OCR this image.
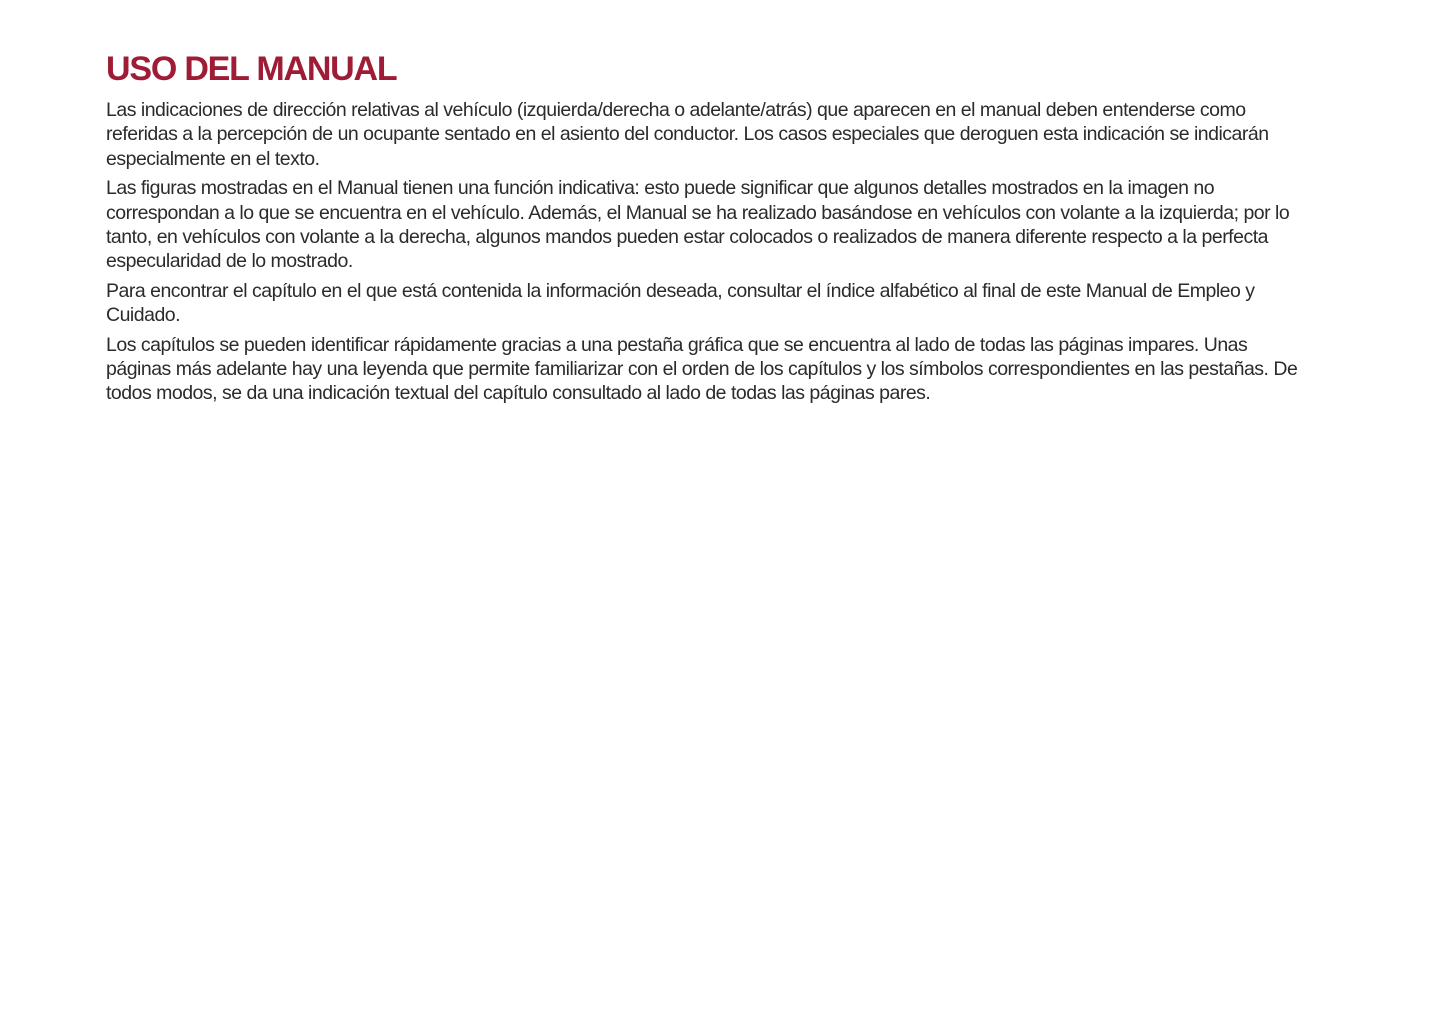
USO DEL MANUAL

Las indicaciones de dirección relativas al vehículo (izquierda/derecha o adelante/atrás) que aparecen en el manual deben entenderse como referidas a la percepción de un ocupante sentado en el asiento del conductor. Los casos especiales que deroguen esta indicación se indicarán especialmente en el texto.

Las figuras mostradas en el Manual tienen una función indicativa: esto puede significar que algunos detalles mostrados en la imagen no correspondan a lo que se encuentra en el vehículo. Además, el Manual se ha realizado basándose en vehículos con volante a la izquierda; por lo tanto, en vehículos con volante a la derecha, algunos mandos pueden estar colocados o realizados de manera diferente respecto a la perfecta especularidad de lo mostrado.

Para encontrar el capítulo en el que está contenida la información deseada, consultar el índice alfabético al final de este Manual de Empleo y Cuidado.

Los capítulos se pueden identificar rápidamente gracias a una pestaña gráfica que se encuentra al lado de todas las páginas impares. Unas páginas más adelante hay una leyenda que permite familiarizar con el orden de los capítulos y los símbolos correspondientes en las pestañas. De todos modos, se da una indicación textual del capítulo consultado al lado de todas las páginas pares.
